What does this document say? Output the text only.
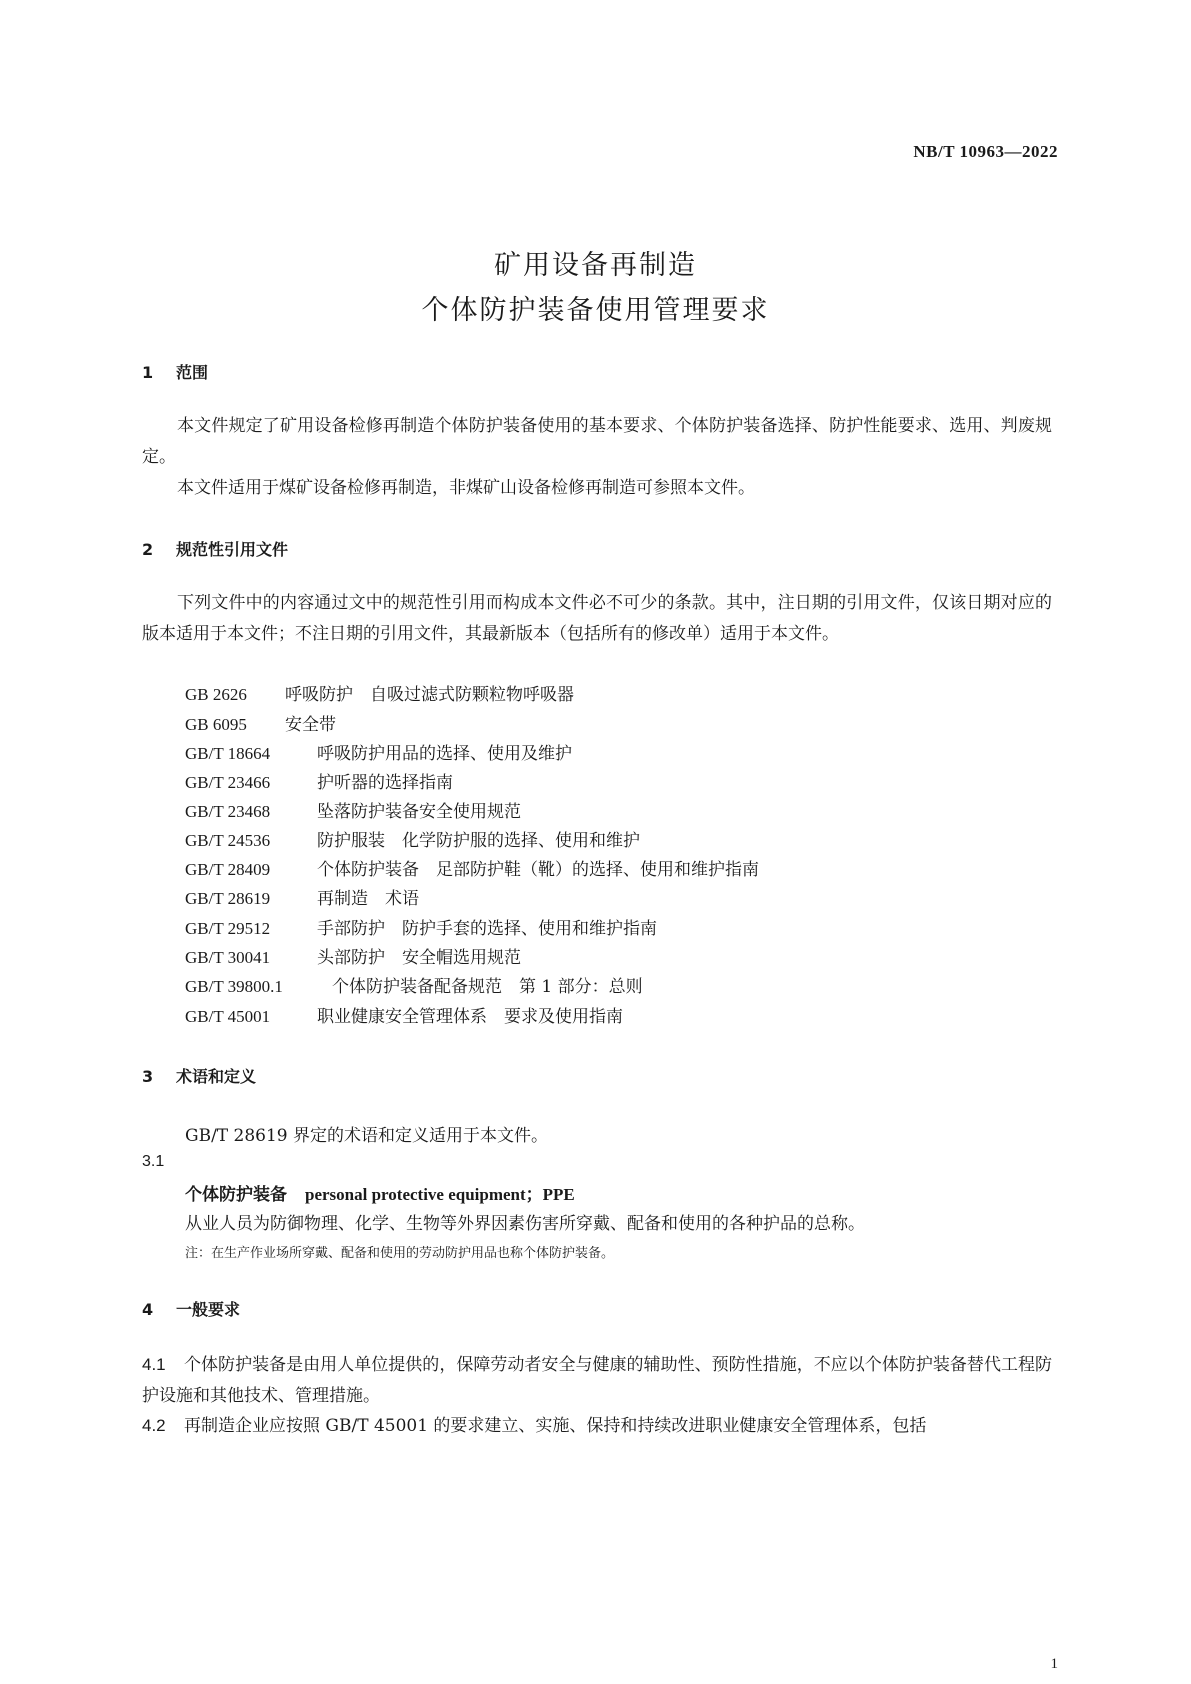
NB/T 10963—2022
矿用设备再制造
个体防护装备使用管理要求
1 范围
本文件规定了矿用设备检修再制造个体防护装备使用的基本要求、个体防护装备选择、防护性能要求、选用、判废规定。
本文件适用于煤矿设备检修再制造，非煤矿山设备检修再制造可参照本文件。
2 规范性引用文件
下列文件中的内容通过文中的规范性引用而构成本文件必不可少的条款。其中，注日期的引用文件，仅该日期对应的版本适用于本文件；不注日期的引用文件，其最新版本（包括所有的修改单）适用于本文件。
GB 2626 呼吸防护　自吸过滤式防颗粒物呼吸器
GB 6095 安全带
GB/T 18664	呼吸防护用品的选择、使用及维护
GB/T 23466	护听器的选择指南
GB/T 23468	坠落防护装备安全使用规范
GB/T 24536	防护服装　化学防护服的选择、使用和维护
GB/T 28409	个体防护装备　足部防护鞋（靴）的选择、使用和维护指南
GB/T 28619	再制造　术语
GB/T 29512	手部防护　防护手套的选择、使用和维护指南
GB/T 30041	头部防护　安全帽选用规范
GB/T 39800.1	个体防护装备配备规范　第 1 部分：总则
GB/T 45001	职业健康安全管理体系　要求及使用指南
3 术语和定义
GB/T 28619 界定的术语和定义适用于本文件。
3.1
个体防护装备 personal protective equipment；PPE
从业人员为防御物理、化学、生物等外界因素伤害所穿戴、配备和使用的各种护品的总称。
注：在生产作业场所穿戴、配备和使用的劳动防护用品也称个体防护装备。
4 一般要求
4.1 个体防护装备是由用人单位提供的，保障劳动者安全与健康的辅助性、预防性措施，不应以个体防护装备替代工程防护设施和其他技术、管理措施。
4.2 再制造企业应按照 GB/T 45001 的要求建立、实施、保持和持续改进职业健康安全管理体系，包括
1
